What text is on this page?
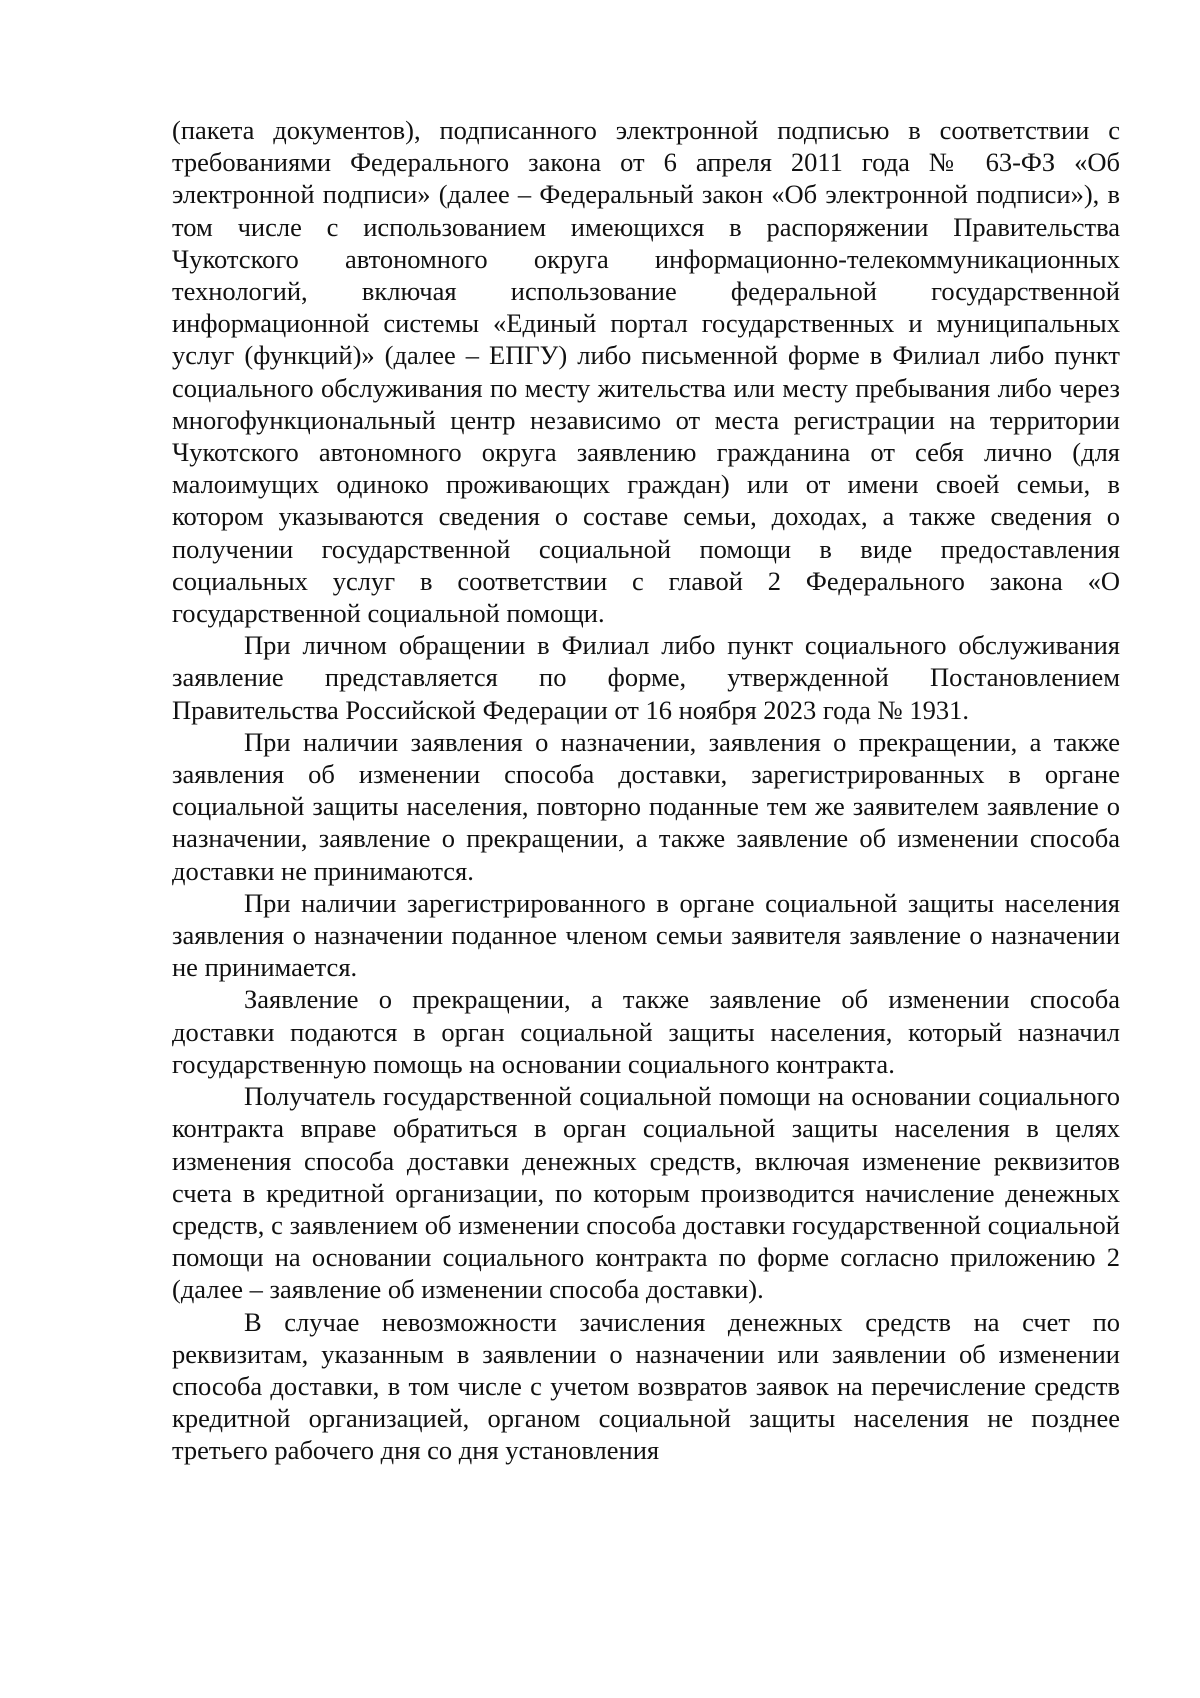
(пакета документов), подписанного электронной подписью в соответствии с требованиями Федерального закона от 6 апреля 2011 года № 63-ФЗ «Об электронной подписи» (далее – Федеральный закон «Об электронной подписи»), в том числе с использованием имеющихся в распоряжении Правительства Чукотского автономного округа информационно-телекоммуникационных технологий, включая использование федеральной государственной информационной системы «Единый портал государственных и муниципальных услуг (функций)» (далее – ЕПГУ) либо письменной форме в Филиал либо пункт социального обслуживания по месту жительства или месту пребывания либо через многофункциональный центр независимо от места регистрации на территории Чукотского автономного округа заявлению гражданина от себя лично (для малоимущих одиноко проживающих граждан) или от имени своей семьи, в котором указываются сведения о составе семьи, доходах, а также сведения о получении государственной социальной помощи в виде предоставления социальных услуг в соответствии с главой 2 Федерального закона «О государственной социальной помощи.

При личном обращении в Филиал либо пункт социального обслуживания заявление представляется по форме, утвержденной Постановлением Правительства Российской Федерации от 16 ноября 2023 года № 1931.

При наличии заявления о назначении, заявления о прекращении, а также заявления об изменении способа доставки, зарегистрированных в органе социальной защиты населения, повторно поданные тем же заявителем заявление о назначении, заявление о прекращении, а также заявление об изменении способа доставки не принимаются.

При наличии зарегистрированного в органе социальной защиты населения заявления о назначении поданное членом семьи заявителя заявление о назначении не принимается.

Заявление о прекращении, а также заявление об изменении способа доставки подаются в орган социальной защиты населения, который назначил государственную помощь на основании социального контракта.

Получатель государственной социальной помощи на основании социального контракта вправе обратиться в орган социальной защиты населения в целях изменения способа доставки денежных средств, включая изменение реквизитов счета в кредитной организации, по которым производится начисление денежных средств, с заявлением об изменении способа доставки государственной социальной помощи на основании социального контракта по форме согласно приложению 2 (далее – заявление об изменении способа доставки).

В случае невозможности зачисления денежных средств на счет по реквизитам, указанным в заявлении о назначении или заявлении об изменении способа доставки, в том числе с учетом возвратов заявок на перечисление средств кредитной организацией, органом социальной защиты населения не позднее третьего рабочего дня со дня установления
